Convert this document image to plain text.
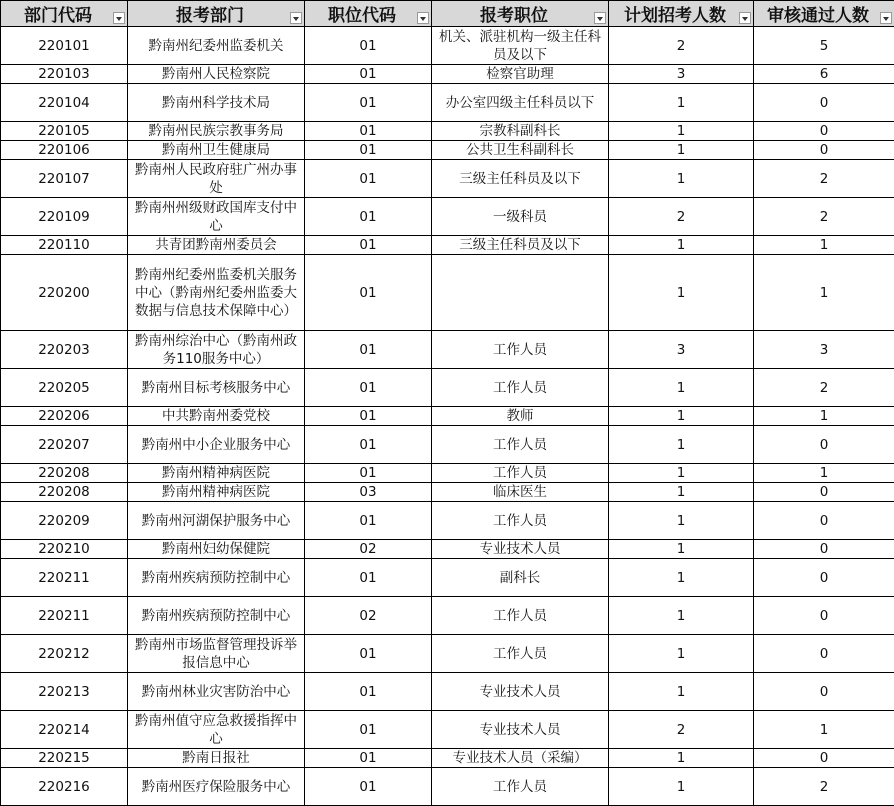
部门代码	报考部门	职位代码	报考职位	计划招考人数	审核通过人数

220101	黔南州纪委州监委机关	01	机关、派驻机构一级主任科员及以下	2	5
220103	黔南州人民检察院	01	检察官助理	3	6
220104	黔南州科学技术局	01	办公室四级主任科员以下	1	0
220105	黔南州民族宗教事务局	01	宗教科副科长	1	0
220106	黔南州卫生健康局	01	公共卫生科副科长	1	0
220107	黔南州人民政府驻广州办事处	01	三级主任科员及以下	1	2
220109	黔南州州级财政国库支付中心	01	一级科员	2	2
220110	共青团黔南州委员会	01	三级主任科员及以下	1	1
220200	黔南州纪委州监委机关服务中心（黔南州纪委州监委大数据与信息技术保障中心）	01		1	1
220203	黔南州综治中心（黔南州政务110服务中心）	01	工作人员	3	3
220205	黔南州目标考核服务中心	01	工作人员	1	2
220206	中共黔南州委党校	01	教师	1	1
220207	黔南州中小企业服务中心	01	工作人员	1	0
220208	黔南州精神病医院	01	工作人员	1	1
220208	黔南州精神病医院	03	临床医生	1	0
220209	黔南州河湖保护服务中心	01	工作人员	1	0
220210	黔南州妇幼保健院	02	专业技术人员	1	0
220211	黔南州疾病预防控制中心	01	副科长	1	0
220211	黔南州疾病预防控制中心	02	工作人员	1	0
220212	黔南州市场监督管理投诉举报信息中心	01	工作人员	1	0
220213	黔南州林业灾害防治中心	01	专业技术人员	1	0
220214	黔南州值守应急救援指挥中心	01	专业技术人员	2	1
220215	黔南日报社	01	专业技术人员（采编）	1	0
220216	黔南州医疗保险服务中心	01	工作人员	1	2
